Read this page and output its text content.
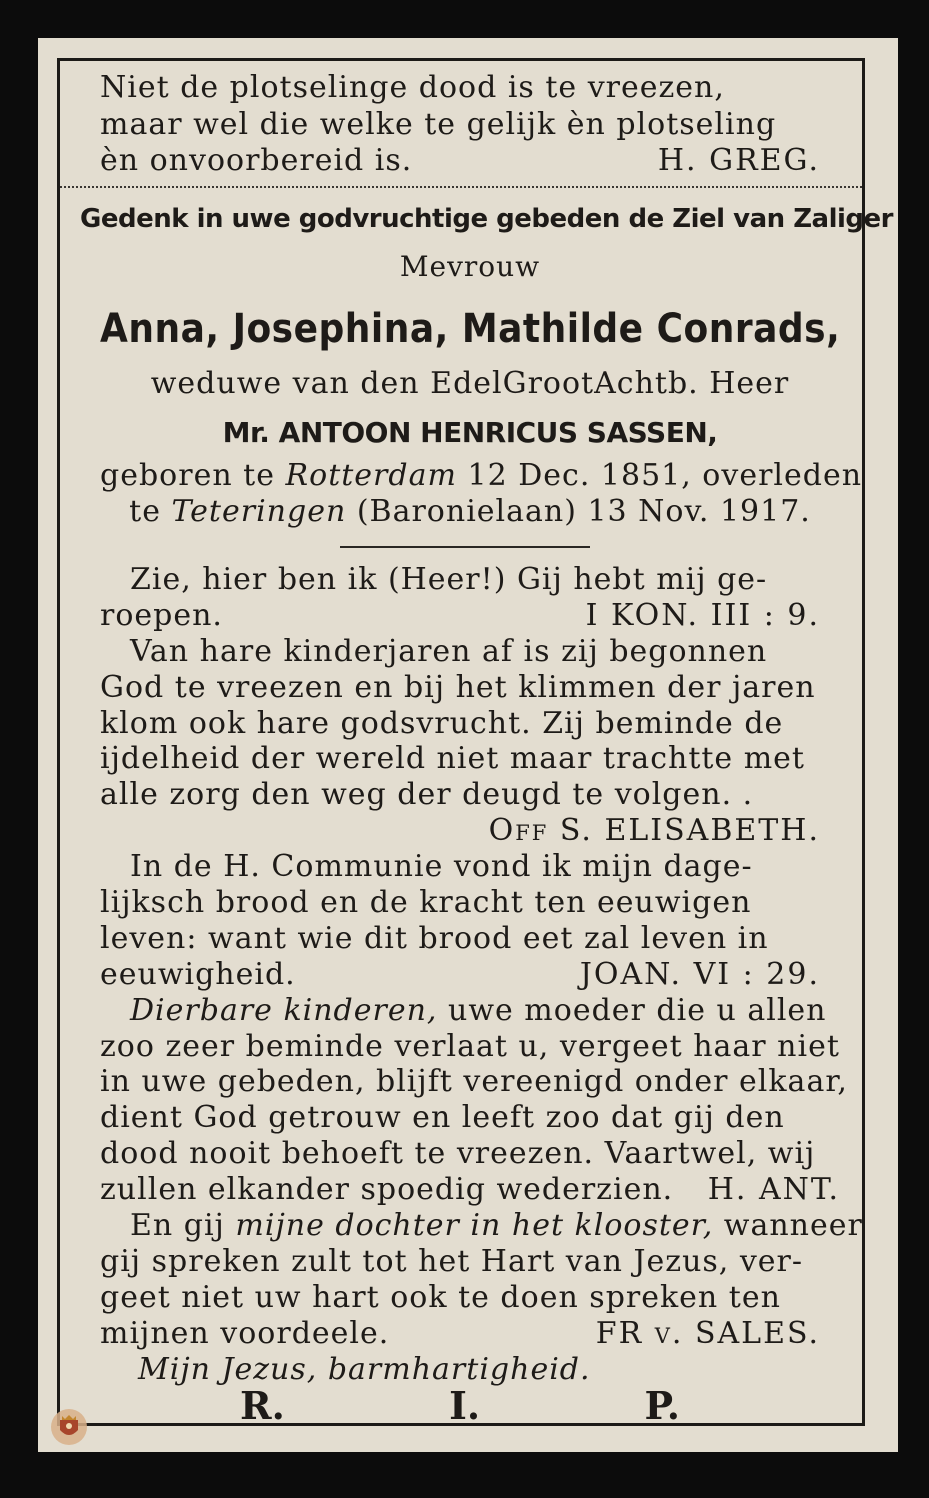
Niet de plotselinge dood is te vreezen,
maar wel die welke te gelijk èn plotseling
èn onvoorbereid is.	H. GREG.
Gedenk in uwe godvruchtige gebeden de Ziel van Zaliger
Mevrouw
Anna, Josephina, Mathilde Conrads,
weduwe van den EdelGrootAchtb. Heer
Mr. ANTOON HENRICUS SASSEN,
geboren te Rotterdam 12 Dec. 1851, overleden
te Teteringen (Baronielaan) 13 Nov. 1917.
Zie, hier ben ik (Heer!) Gij hebt mij ge-
roepen.	I KON. III : 9.
Van hare kinderjaren af is zij begonnen
God te vreezen en bij het klimmen der jaren
klom ook hare godsvrucht. Zij beminde de
ijdelheid der wereld niet maar trachtte met
alle zorg den weg der deugd te volgen. .
Off S. ELISABETH.
In de H. Communie vond ik mijn dage-
lijksch brood en de kracht ten eeuwigen
leven: want wie dit brood eet zal leven in
eeuwigheid.	JOAN. VI : 29.
Dierbare kinderen, uwe moeder die u allen
zoo zeer beminde verlaat u, vergeet haar niet
in uwe gebeden, blijft vereenigd onder elkaar,
dient God getrouw en leeft zoo dat gij den
dood nooit behoeft te vreezen. Vaartwel, wij
zullen elkander spoedig wederzien. H. ANT.
En gij mijne dochter in het klooster, wanneer
gij spreken zult tot het Hart van Jezus, ver-
geet niet uw hart ook te doen spreken ten
mijnen voordeele.	FR v. SALES.
Mijn Jezus, barmhartigheid.
R.	I.	P.
